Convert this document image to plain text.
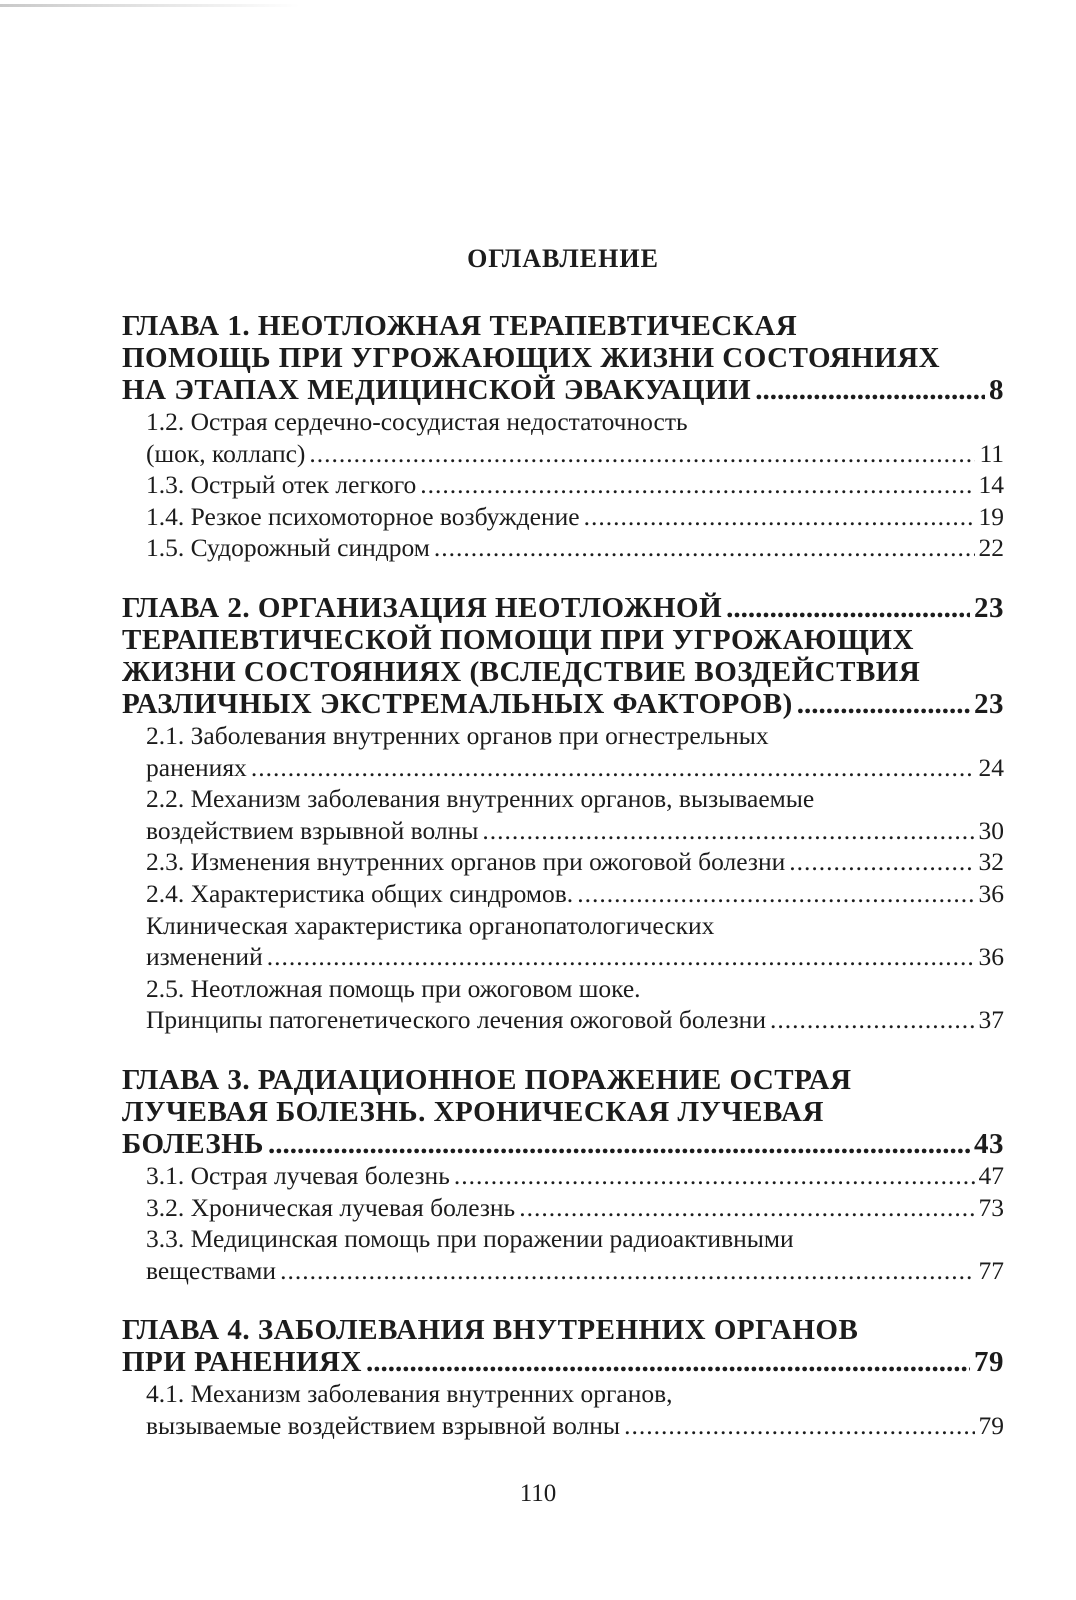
ОГЛАВЛЕНИЕ
ГЛАВА 1. НЕОТЛОЖНАЯ ТЕРАПЕВТИЧЕСКАЯ
ПОМОЩЬ ПРИ УГРОЖАЮЩИХ ЖИЗНИ СОСТОЯНИЯХ
НА ЭТАПАХ МЕДИЦИНСКОЙ ЭВАКУАЦИИ .....	8
1.2. Острая сердечно-сосудистая недостаточность
(шок, коллапс) .....	11
1.3. Острый отек легкого .....	14
1.4. Резкое психомоторное возбуждение .....	19
1.5. Судорожный синдром .....	22
ГЛАВА 2. ОРГАНИЗАЦИЯ НЕОТЛОЖНОЙ .....	23
ТЕРАПЕВТИЧЕСКОЙ ПОМОЩИ ПРИ УГРОЖАЮЩИХ
ЖИЗНИ СОСТОЯНИЯХ (ВСЛЕДСТВИЕ ВОЗДЕЙСТВИЯ
РАЗЛИЧНЫХ ЭКСТРЕМАЛЬНЫХ ФАКТОРОВ) .....	23
2.1. Заболевания внутренних органов при огнестрельных
ранениях .....	24
2.2. Механизм заболевания внутренних органов, вызываемые
воздействием взрывной волны .....	30
2.3. Изменения внутренних органов при ожоговой болезни .....	32
2.4. Характеристика общих синдромов. .....	36
Клиническая характеристика органопатологических
изменений .....	36
2.5. Неотложная помощь при ожоговом шоке.
Принципы патогенетического лечения ожоговой болезни .....	37
ГЛАВА 3. РАДИАЦИОННОЕ ПОРАЖЕНИЕ ОСТРАЯ
ЛУЧЕВАЯ БОЛЕЗНЬ. ХРОНИЧЕСКАЯ ЛУЧЕВАЯ
БОЛЕЗНЬ .....	43
3.1. Острая лучевая болезнь .....	47
3.2. Хроническая лучевая болезнь .....	73
3.3. Медицинская помощь при поражении радиоактивными
веществами .....	77
ГЛАВА 4. ЗАБОЛЕВАНИЯ ВНУТРЕННИХ ОРГАНОВ
ПРИ РАНЕНИЯХ .....	79
4.1. Механизм заболевания внутренних органов,
вызываемые воздействием взрывной волны .....	79
110
